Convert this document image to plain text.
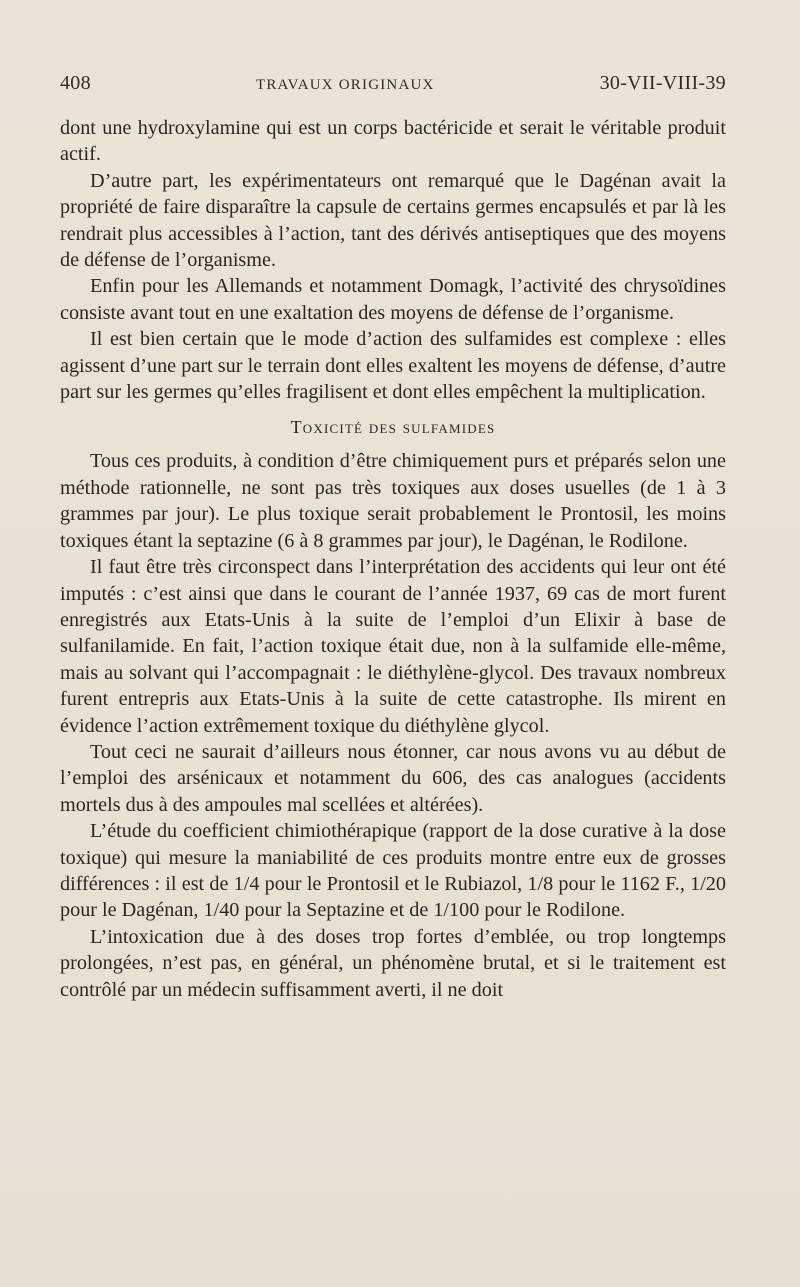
408	TRAVAUX ORIGINAUX	30-VII-VIII-39

dont une hydroxylamine qui est un corps bactéricide et serait le véritable produit actif.

D’autre part, les expérimentateurs ont remarqué que le Dagénan avait la propriété de faire disparaître la capsule de certains germes encapsulés et par là les rendrait plus accessibles à l’action, tant des dérivés antiseptiques que des moyens de défense de l’organisme.

Enfin pour les Allemands et notamment Domagk, l’activité des chrysoïdines consiste avant tout en une exaltation des moyens de défense de l’organisme.

Il est bien certain que le mode d’action des sulfamides est complexe : elles agissent d’une part sur le terrain dont elles exaltent les moyens de défense, d’autre part sur les germes qu’elles fragilisent et dont elles empêchent la multiplication.

Toxicité des sulfamides

Tous ces produits, à condition d’être chimiquement purs et préparés selon une méthode rationnelle, ne sont pas très toxiques aux doses usuelles (de 1 à 3 grammes par jour). Le plus toxique serait probablement le Prontosil, les moins toxiques étant la septazine (6 à 8 grammes par jour), le Dagénan, le Rodilone.

Il faut être très circonspect dans l’interprétation des accidents qui leur ont été imputés : c’est ainsi que dans le courant de l’année 1937, 69 cas de mort furent enregistrés aux Etats-Unis à la suite de l’emploi d’un Elixir à base de sulfanilamide. En fait, l’action toxique était due, non à la sulfamide elle-même, mais au solvant qui l’accompagnait : le diéthylène-glycol. Des travaux nombreux furent entrepris aux Etats-Unis à la suite de cette catastrophe. Ils mirent en évidence l’action extrêmement toxique du diéthylène glycol.

Tout ceci ne saurait d’ailleurs nous étonner, car nous avons vu au début de l’emploi des arsénicaux et notamment du 606, des cas analogues (accidents mortels dus à des ampoules mal scellées et altérées).

L’étude du coefficient chimiothérapique (rapport de la dose curative à la dose toxique) qui mesure la maniabilité de ces produits montre entre eux de grosses différences : il est de 1/4 pour le Prontosil et le Rubiazol, 1/8 pour le 1162 F., 1/20 pour le Dagénan, 1/40 pour la Septazine et de 1/100 pour le Rodilone.

L’intoxication due à des doses trop fortes d’emblée, ou trop longtemps prolongées, n’est pas, en général, un phénomène brutal, et si le traitement est contrôlé par un médecin suffisamment averti, il ne doit
